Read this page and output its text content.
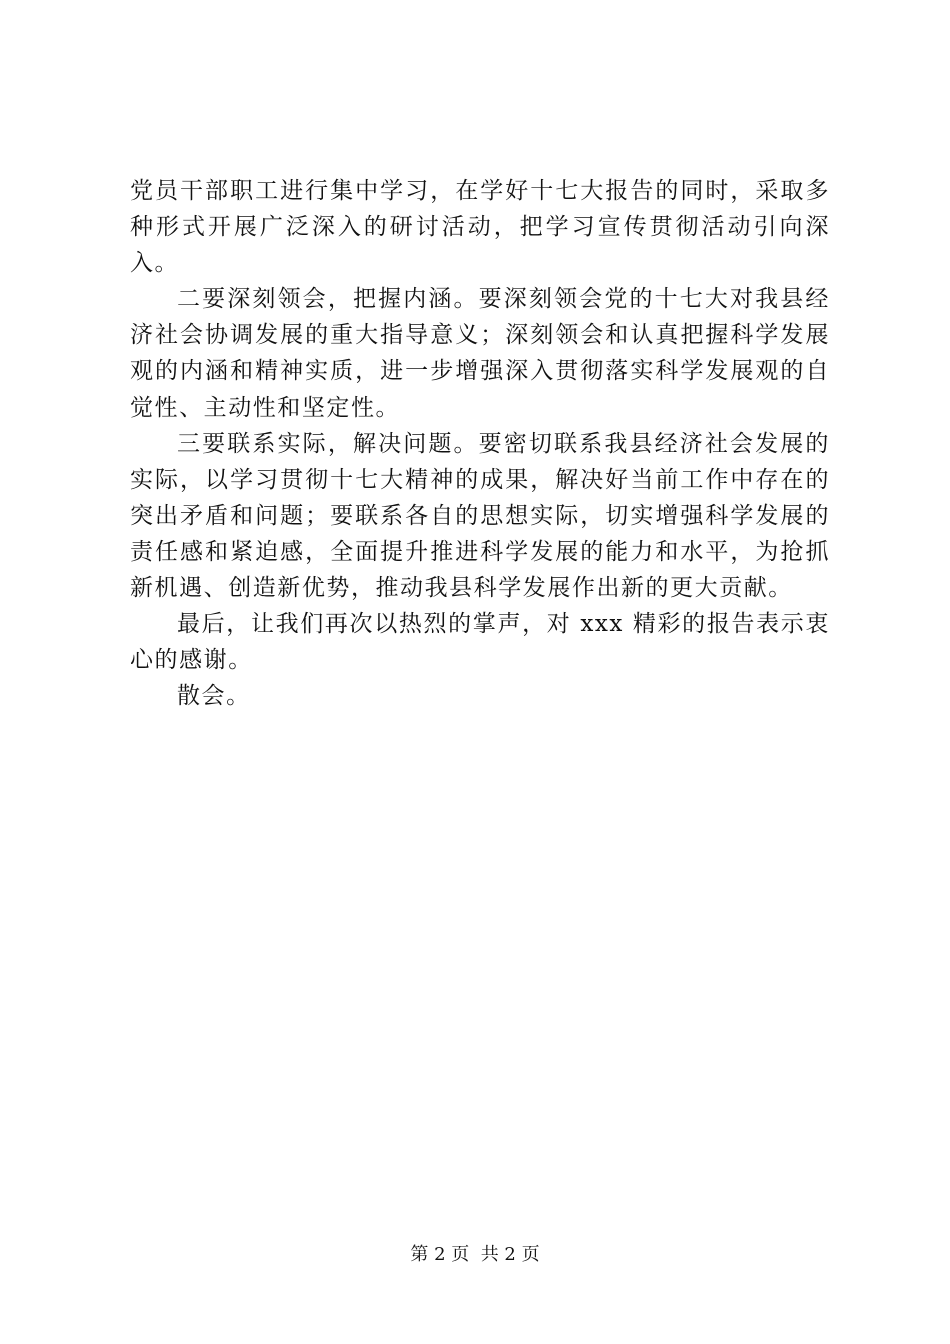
党员干部职工进行集中学习，在学好十七大报告的同时，采取多种形式开展广泛深入的研讨活动，把学习宣传贯彻活动引向深入。

二要深刻领会，把握内涵。要深刻领会党的十七大对我县经济社会协调发展的重大指导意义；深刻领会和认真把握科学发展观的内涵和精神实质，进一步增强深入贯彻落实科学发展观的自觉性、主动性和坚定性。

三要联系实际，解决问题。要密切联系我县经济社会发展的实际，以学习贯彻十七大精神的成果，解决好当前工作中存在的突出矛盾和问题；要联系各自的思想实际，切实增强科学发展的责任感和紧迫感，全面提升推进科学发展的能力和水平，为抢抓新机遇、创造新优势，推动我县科学发展作出新的更大贡献。

最后，让我们再次以热烈的掌声，对 xxx 精彩的报告表示衷心的感谢。

散会。

第 2 页  共 2 页
